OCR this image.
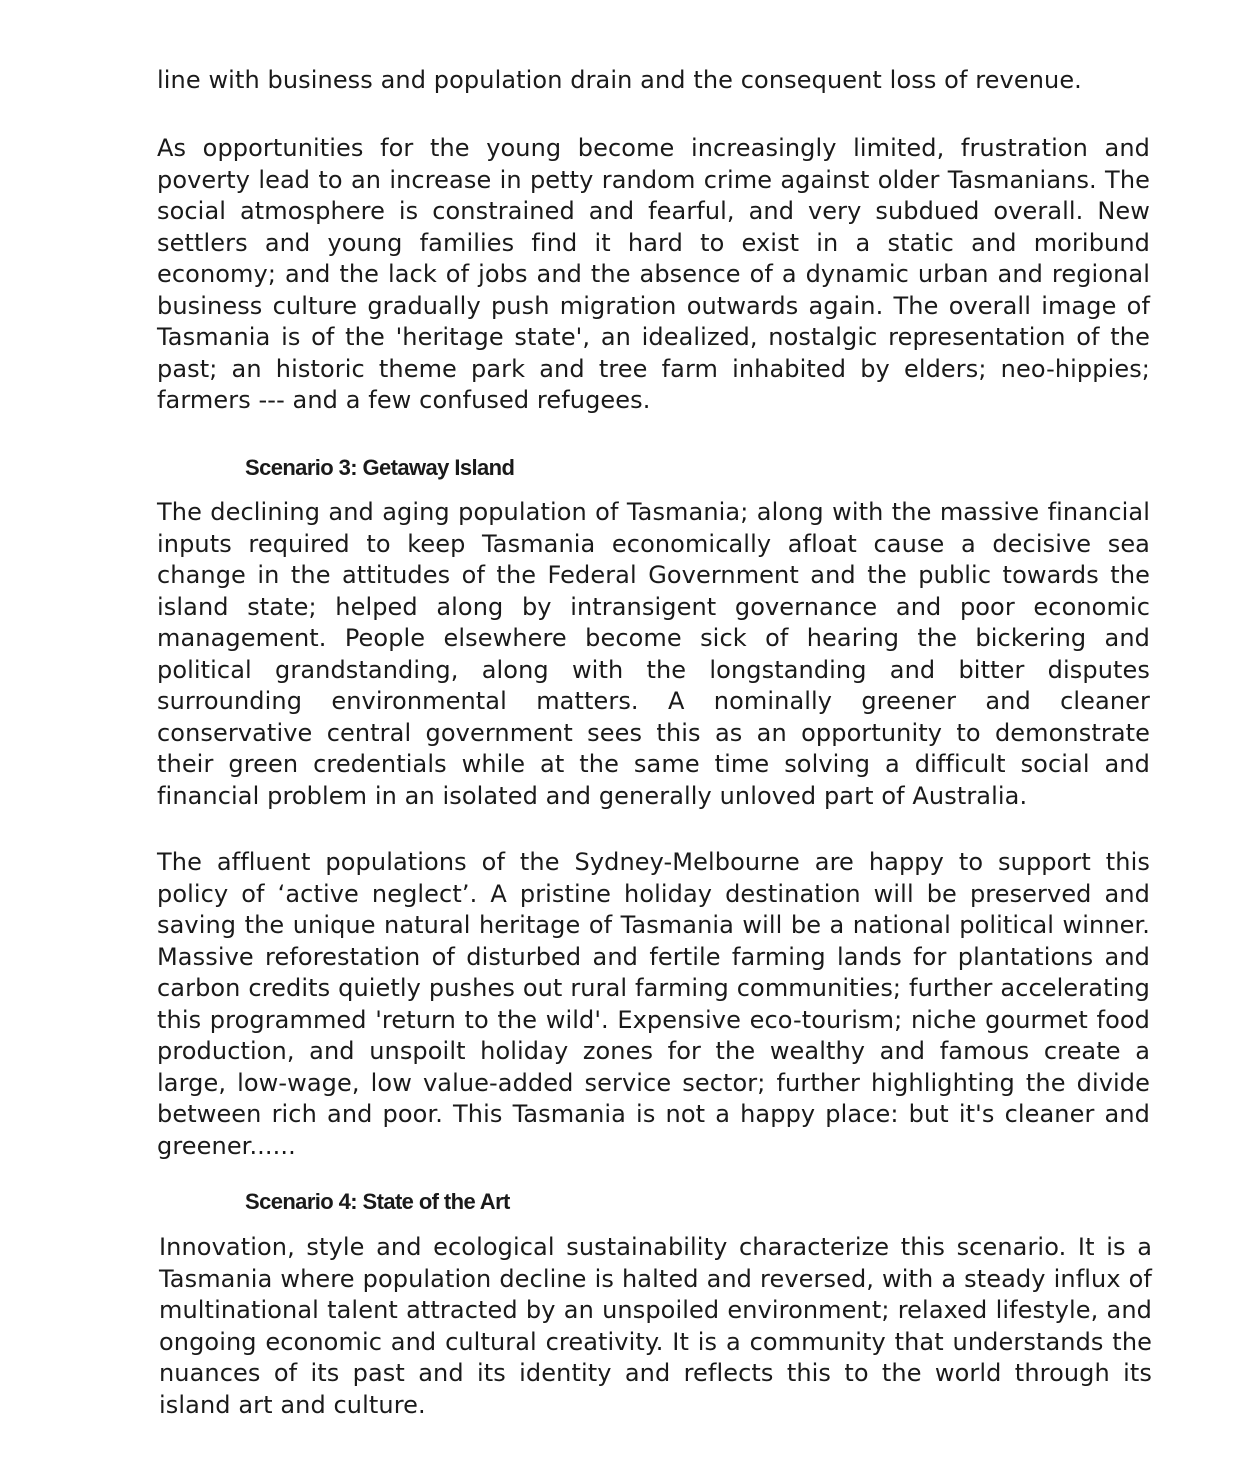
line with business and population drain and the consequent loss of revenue.

As opportunities for the young become increasingly limited, frustration and poverty lead to an increase in petty random crime against older Tasmanians. The social atmosphere is constrained and fearful, and very subdued overall. New settlers and young families find it hard to exist in a static and moribund economy; and the lack of jobs and the absence of a dynamic urban and regional business culture gradually push migration outwards again. The overall image of Tasmania is of the 'heritage state', an idealized, nostalgic representation of the past; an historic theme park and tree farm inhabited by elders; neo-hippies; farmers --- and a few confused refugees.

Scenario 3: Getaway Island

The declining and aging population of Tasmania; along with the massive financial inputs required to keep Tasmania economically afloat cause a decisive sea change in the attitudes of the Federal Government and the public towards the island state; helped along by intransigent governance and poor economic management. People elsewhere become sick of hearing the bickering and political grandstanding, along with the longstanding and bitter disputes surrounding environmental matters. A nominally greener and cleaner conservative central government sees this as an opportunity to demonstrate their green credentials while at the same time solving a difficult social and financial problem in an isolated and generally unloved part of Australia.

The affluent populations of the Sydney-Melbourne are happy to support this policy of ‘active neglect’. A pristine holiday destination will be preserved and saving the unique natural heritage of Tasmania will be a national political winner. Massive reforestation of disturbed and fertile farming lands for plantations and carbon credits quietly pushes out rural farming communities; further accelerating this programmed 'return to the wild'. Expensive eco-tourism; niche gourmet food production, and unspoilt holiday zones for the wealthy and famous create a large, low-wage, low value-added service sector; further highlighting the divide between rich and poor. This Tasmania is not a happy place: but it's cleaner and greener......

Scenario 4: State of the Art

Innovation, style and ecological sustainability characterize this scenario. It is a Tasmania where population decline is halted and reversed, with a steady influx of multinational talent attracted by an unspoiled environment; relaxed lifestyle, and ongoing economic and cultural creativity. It is a community that understands the nuances of its past and its identity and reflects this to the world through its island art and culture.
